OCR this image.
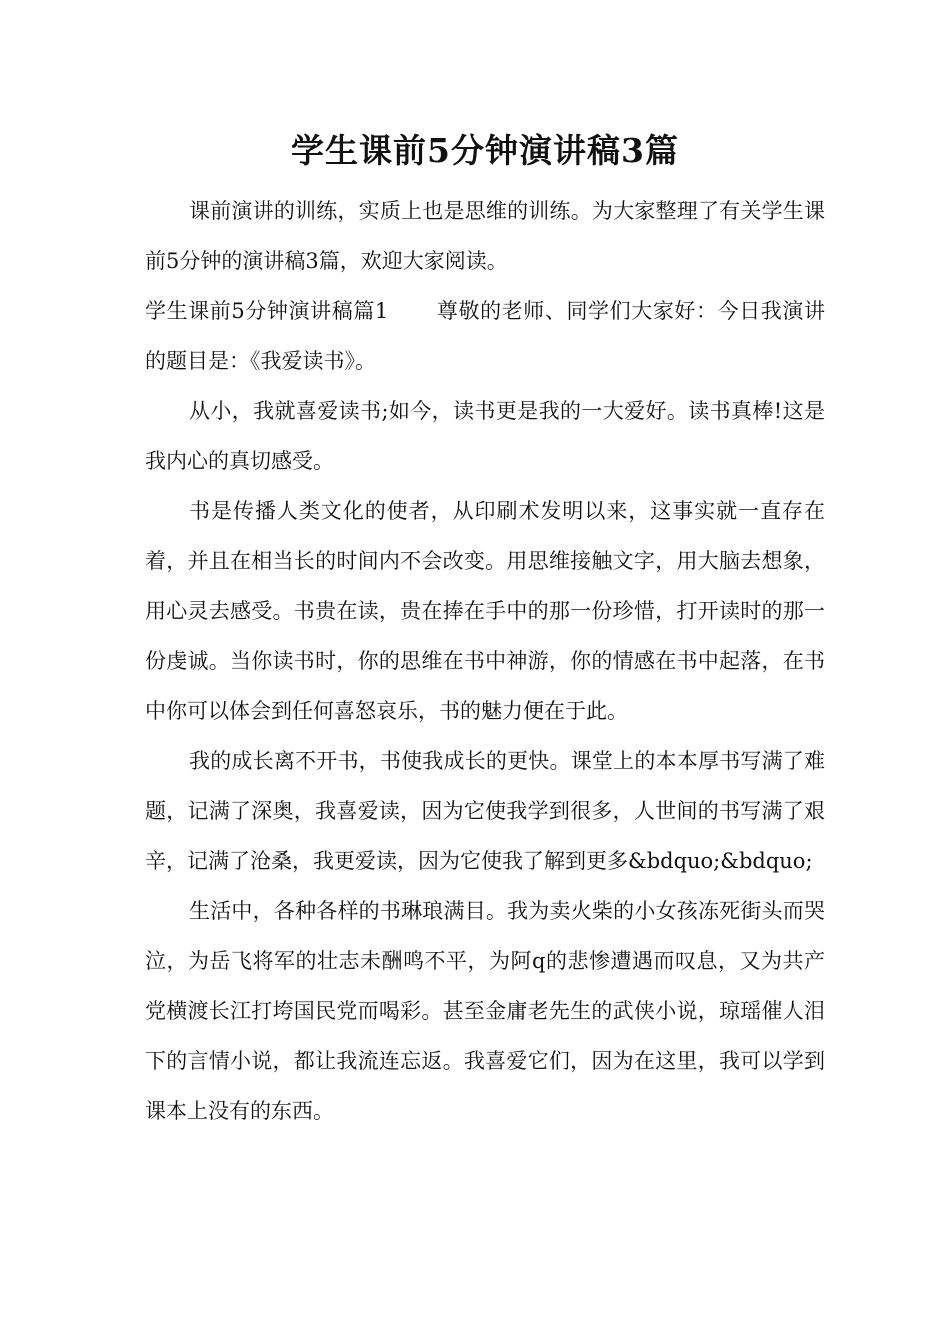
学生课前5分钟演讲稿3篇

课前演讲的训练，实质上也是思维的训练。为大家整理了有关学生课前5分钟的演讲稿3篇，欢迎大家阅读。

学生课前5分钟演讲稿篇1 尊敬的老师、同学们大家好：今日我演讲的题目是：《我爱读书》。

从小，我就喜爱读书;如今，读书更是我的一大爱好。读书真棒!这是我内心的真切感受。

书是传播人类文化的使者，从印刷术发明以来，这事实就一直存在着，并且在相当长的时间内不会改变。用思维接触文字，用大脑去想象，用心灵去感受。书贵在读，贵在捧在手中的那一份珍惜，打开读时的那一份虔诚。当你读书时，你的思维在书中神游，你的情感在书中起落，在书中你可以体会到任何喜怒哀乐，书的魅力便在于此。

我的成长离不开书，书使我成长的更快。课堂上的本本厚书写满了难题，记满了深奥，我喜爱读，因为它使我学到很多，人世间的书写满了艰辛，记满了沧桑，我更爱读，因为它使我了解到更多&bdquo;&bdquo;

生活中，各种各样的书琳琅满目。我为卖火柴的小女孩冻死街头而哭泣，为岳飞将军的壮志未酬鸣不平，为阿q的悲惨遭遇而叹息，又为共产党横渡长江打垮国民党而喝彩。甚至金庸老先生的武侠小说，琼瑶催人泪下的言情小说，都让我流连忘返。我喜爱它们，因为在这里，我可以学到课本上没有的东西。
